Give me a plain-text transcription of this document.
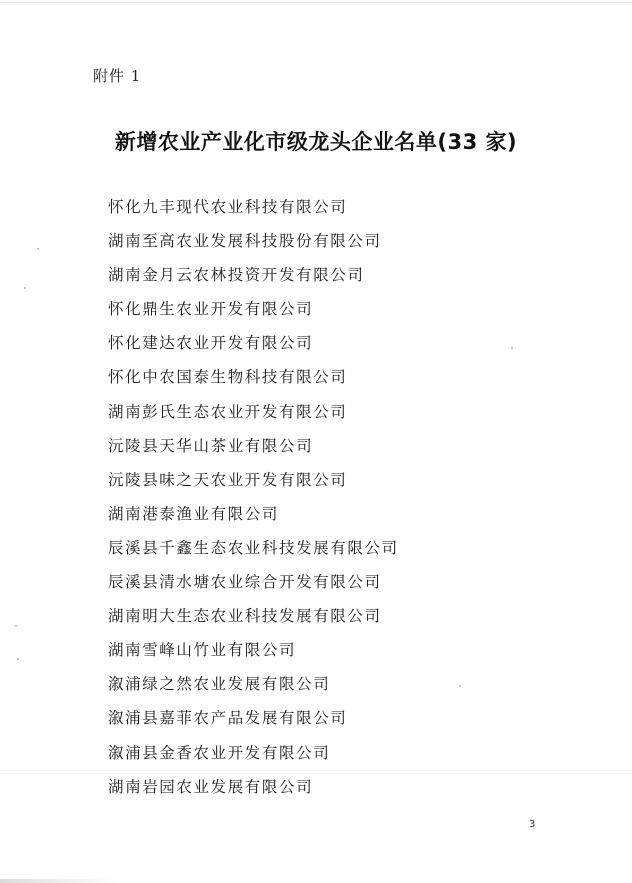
附件 1
新增农业产业化市级龙头企业名单(33 家)
怀化九丰现代农业科技有限公司
湖南至高农业发展科技股份有限公司
湖南金月云农林投资开发有限公司
怀化鼎生农业开发有限公司
怀化建达农业开发有限公司
怀化中农国泰生物科技有限公司
湖南彭氏生态农业开发有限公司
沅陵县天华山茶业有限公司
沅陵县味之天农业开发有限公司
湖南港泰渔业有限公司
辰溪县千鑫生态农业科技发展有限公司
辰溪县清水塘农业综合开发有限公司
湖南明大生态农业科技发展有限公司
湖南雪峰山竹业有限公司
溆浦绿之然农业发展有限公司
溆浦县嘉菲农产品发展有限公司
溆浦县金香农业开发有限公司
湖南岩园农业发展有限公司
3
